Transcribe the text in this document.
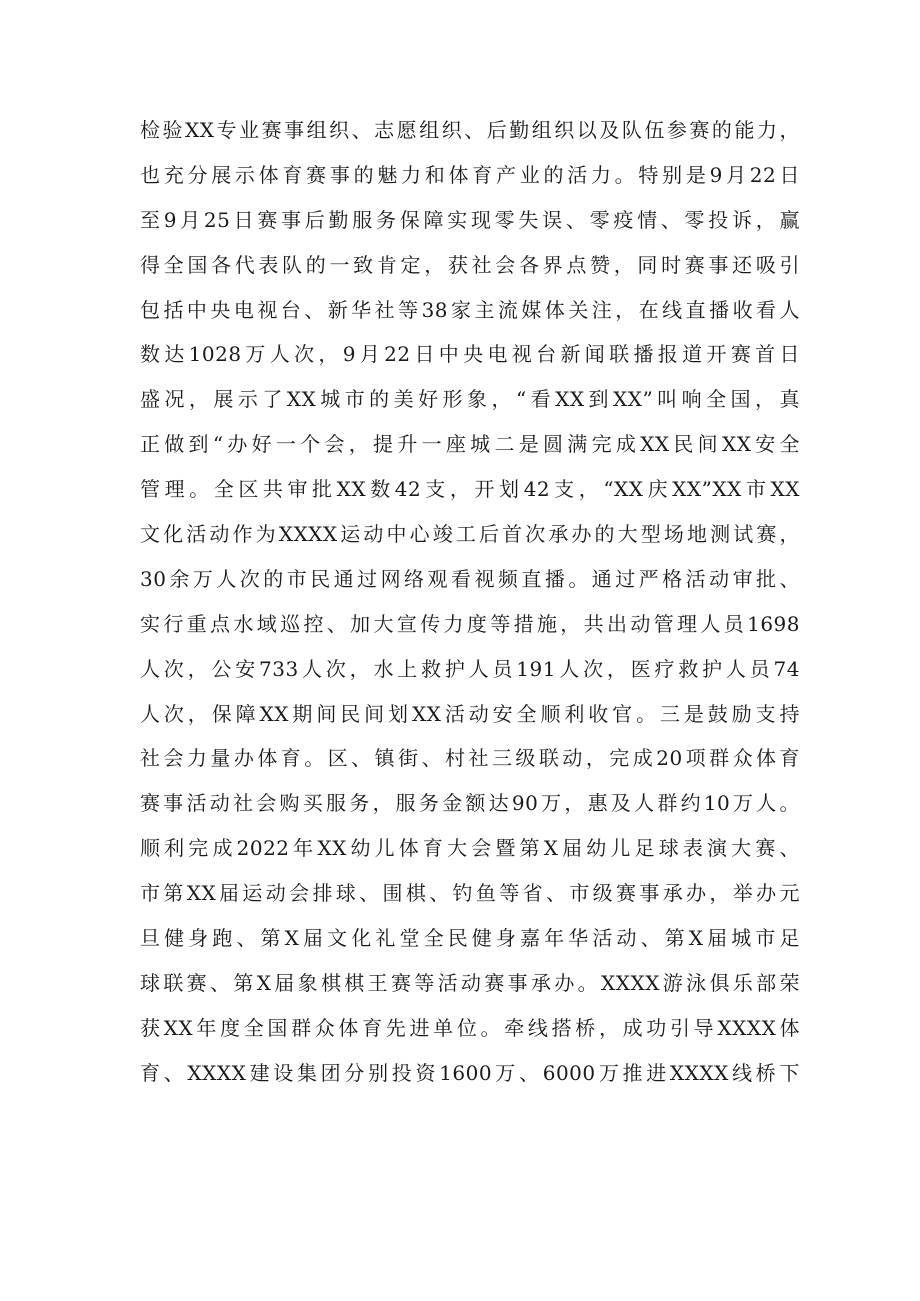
检验XX专业赛事组织、志愿组织、后勤组织以及队伍参赛的能力，
也充分展示体育赛事的魅力和体育产业的活力。特别是9月22日
至9月25日赛事后勤服务保障实现零失误、零疫情、零投诉，赢
得全国各代表队的一致肯定，获社会各界点赞，同时赛事还吸引
包括中央电视台、新华社等38家主流媒体关注，在线直播收看人
数达1028万人次，9月22日中央电视台新闻联播报道开赛首日
盛况，展示了XX城市的美好形象，“看XX到XX”叫响全国，真
正做到“办好一个会，提升一座城二是圆满完成XX民间XX安全
管理。全区共审批XX数42支，开划42支，“XX庆XX”XX市XX
文化活动作为XXXX运动中心竣工后首次承办的大型场地测试赛，
30余万人次的市民通过网络观看视频直播。通过严格活动审批、
实行重点水域巡控、加大宣传力度等措施，共出动管理人员1698
人次，公安733人次，水上救护人员191人次，医疗救护人员74
人次，保障XX期间民间划XX活动安全顺利收官。三是鼓励支持
社会力量办体育。区、镇街、村社三级联动，完成20项群众体育
赛事活动社会购买服务，服务金额达90万，惠及人群约10万人。
顺利完成2022年XX幼儿体育大会暨第X届幼儿足球表演大赛、
市第XX届运动会排球、围棋、钓鱼等省、市级赛事承办，举办元
旦健身跑、第X届文化礼堂全民健身嘉年华活动、第X届城市足
球联赛、第X届象棋棋王赛等活动赛事承办。XXXX游泳俱乐部荣
获XX年度全国群众体育先进单位。牵线搭桥，成功引导XXXX体
育、XXXX建设集团分别投资1600万、6000万推进XXXX线桥下
